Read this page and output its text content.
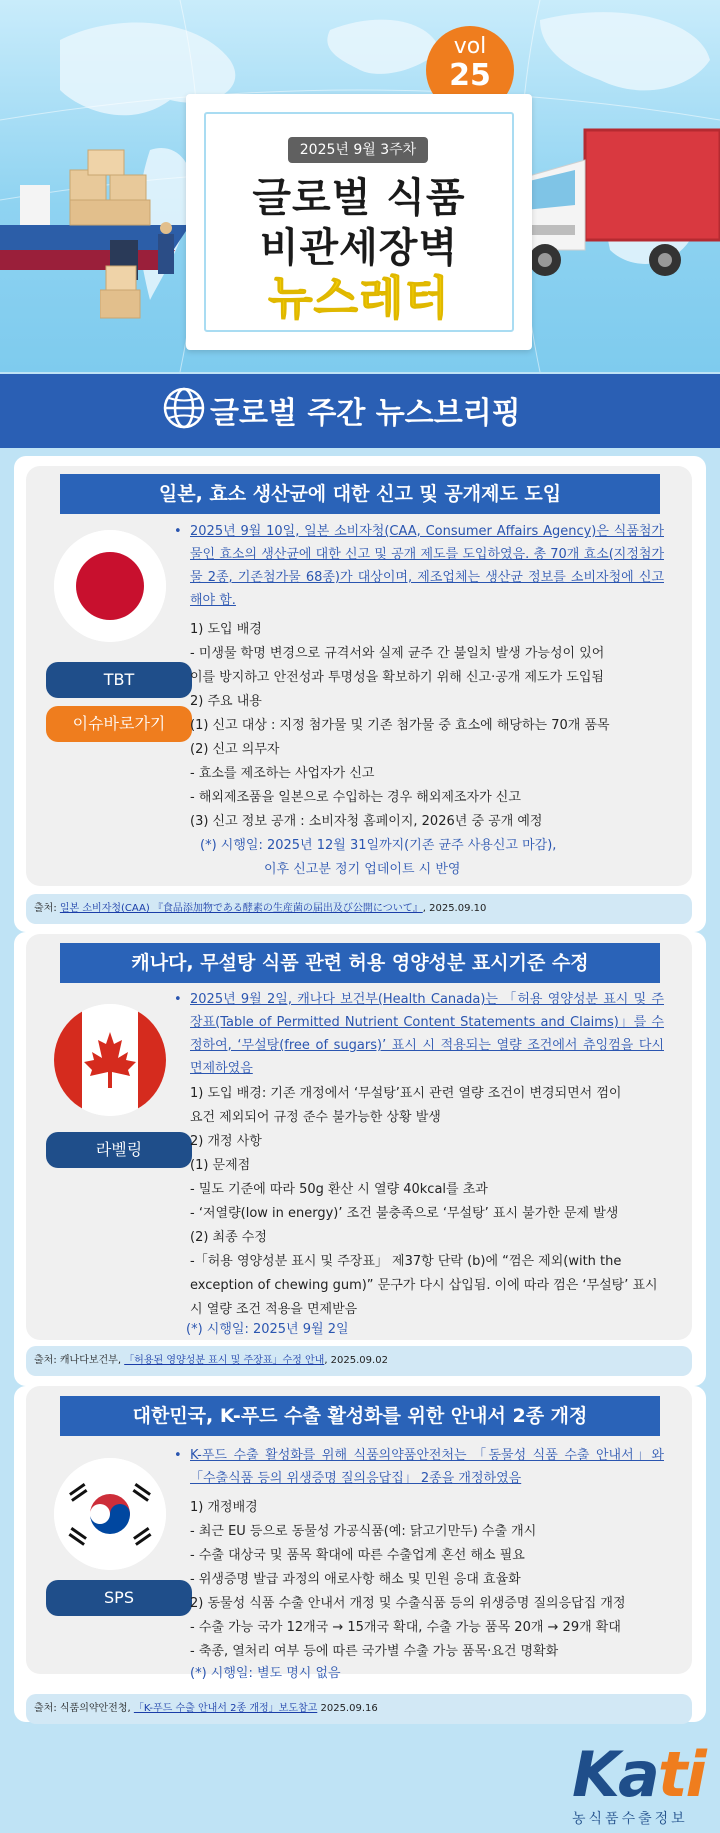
vol
25
2025년 9월 3주차
글로벌 식품
비관세장벽
뉴스레터
글로벌 주간 뉴스브리핑
일본, 효소 생산균에 대한 신고 및 공개제도 도입
TBT
이슈바로가기
• 2025년 9월 10일, 일본 소비자청(CAA, Consumer Affairs Agency)은 식품첨가물인 효소의 생산균에 대한 신고 및 공개 제도를 도입하였음. 총 70개 효소(지정첨가물 2종, 기존첨가물 68종)가 대상이며, 제조업체는 생산균 정보를 소비자청에 신고해야 함.
1) 도입 배경
- 미생물 학명 변경으로 규격서와 실제 균주 간 불일치 발생 가능성이 있어
이를 방지하고 안전성과 투명성을 확보하기 위해 신고·공개 제도가 도입됨
2) 주요 내용
(1) 신고 대상 : 지정 첨가물 및 기존 첨가물 중 효소에 해당하는 70개 품목
(2) 신고 의무자
- 효소를 제조하는 사업자가 신고
- 해외제조품을 일본으로 수입하는 경우 해외제조자가 신고
(3) 신고 정보 공개 : 소비자청 홈페이지, 2026년 중 공개 예정
(*) 시행일: 2025년 12월 31일까지(기존 균주 사용신고 마감),
이후 신고분 정기 업데이트 시 반영
출처: 일본 소비자청(CAA) 『食品添加物である酵素の生産菌の届出及び公開について』, 2025.09.10
캐나다, 무설탕 식품 관련 허용 영양성분 표시기준 수정
라벨링
• 2025년 9월 2일, 캐나다 보건부(Health Canada)는 「허용 영양성분 표시 및 주장표(Table of Permitted Nutrient Content Statements and Claims)」를 수정하여, ‘무설탕(free of sugars)’ 표시 시 적용되는 열량 조건에서 츄잉껌을 다시 면제하였음
1) 도입 배경: 기존 개정에서 ‘무설탕’표시 관련 열량 조건이 변경되면서 껌이
요건 제외되어 규정 준수 불가능한 상황 발생
2) 개정 사항
(1) 문제점
- 밀도 기준에 따라 50g 환산 시 열량 40kcal를 초과
- ‘저열량(low in energy)’ 조건 불충족으로 ‘무설탕’ 표시 불가한 문제 발생
(2) 최종 수정
-「허용 영양성분 표시 및 주장표」 제37항 단락 (b)에 “껌은 제외(with the
exception of chewing gum)” 문구가 다시 삽입됨. 이에 따라 껌은 ‘무설탕’ 표시
시 열량 조건 적용을 면제받음
(*) 시행일: 2025년 9월 2일
출처: 캐나다보건부, 「허용된 영양성분 표시 및 주장표」수정 안내, 2025.09.02
대한민국, K-푸드 수출 활성화를 위한 안내서 2종 개정
SPS
• K-푸드 수출 활성화를 위해 식품의약품안전처는 「동물성 식품 수출 안내서」와 「수출식품 등의 위생증명 질의응답집」 2종을 개정하였음
1) 개정배경
- 최근 EU 등으로 동물성 가공식품(예: 닭고기만두) 수출 개시
- 수출 대상국 및 품목 확대에 따른 수출업계 혼선 해소 필요
- 위생증명 발급 과정의 애로사항 해소 및 민원 응대 효율화
2) 동물성 식품 수출 안내서 개정 및 수출식품 등의 위생증명 질의응답집 개정
- 수출 가능 국가 12개국 → 15개국 확대, 수출 가능 품목 20개 → 29개 확대
- 축종, 열처리 여부 등에 따른 국가별 수출 가능 품목·요건 명확화
(*) 시행일: 별도 명시 없음
출처: 식품의약안전청, 「K-푸드 수출 안내서 2종 개정」보도참고 2025.09.16
Kati
농식품수출정보
